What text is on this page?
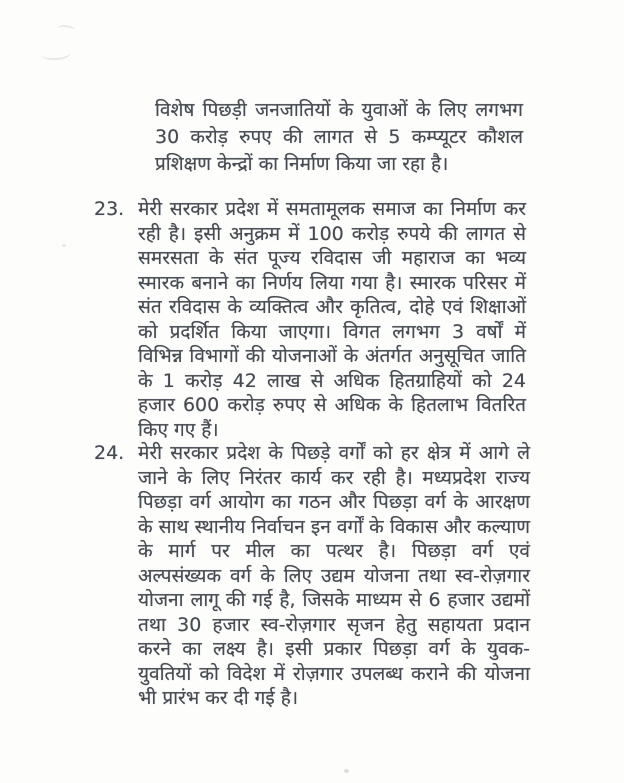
विशेष पिछड़ी जनजातियों के युवाओं के लिए लगभग 30 करोड़ रुपए की लागत से 5 कम्प्यूटर कौशल प्रशिक्षण केन्द्रों का निर्माण किया जा रहा है।
23. मेरी सरकार प्रदेश में समतामूलक समाज का निर्माण कर रही है। इसी अनुक्रम में 100 करोड़ रुपये की लागत से समरसता के संत पूज्य रविदास जी महाराज का भव्य स्मारक बनाने का निर्णय लिया गया है। स्मारक परिसर में संत रविदास के व्यक्तित्व और कृतित्व, दोहे एवं शिक्षाओं को प्रदर्शित किया जाएगा। विगत लगभग 3 वर्षों में विभिन्न विभागों की योजनाओं के अंतर्गत अनुसूचित जाति के 1 करोड़ 42 लाख से अधिक हितग्राहियों को 24 हजार 600 करोड़ रुपए से अधिक के हितलाभ वितरित किए गए हैं।
24. मेरी सरकार प्रदेश के पिछड़े वर्गों को हर क्षेत्र में आगे ले जाने के लिए निरंतर कार्य कर रही है। मध्यप्रदेश राज्य पिछड़ा वर्ग आयोग का गठन और पिछड़ा वर्ग के आरक्षण के साथ स्थानीय निर्वाचन इन वर्गों के विकास और कल्याण के मार्ग पर मील का पत्थर है। पिछड़ा वर्ग एवं अल्पसंख्यक वर्ग के लिए उद्यम योजना तथा स्व-रोज़गार योजना लागू की गई है, जिसके माध्यम से 6 हजार उद्यमों तथा 30 हजार स्व-रोज़गार सृजन हेतु सहायता प्रदान करने का लक्ष्य है। इसी प्रकार पिछड़ा वर्ग के युवक-युवतियों को विदेश में रोज़गार उपलब्ध कराने की योजना भी प्रारंभ कर दी गई है।
